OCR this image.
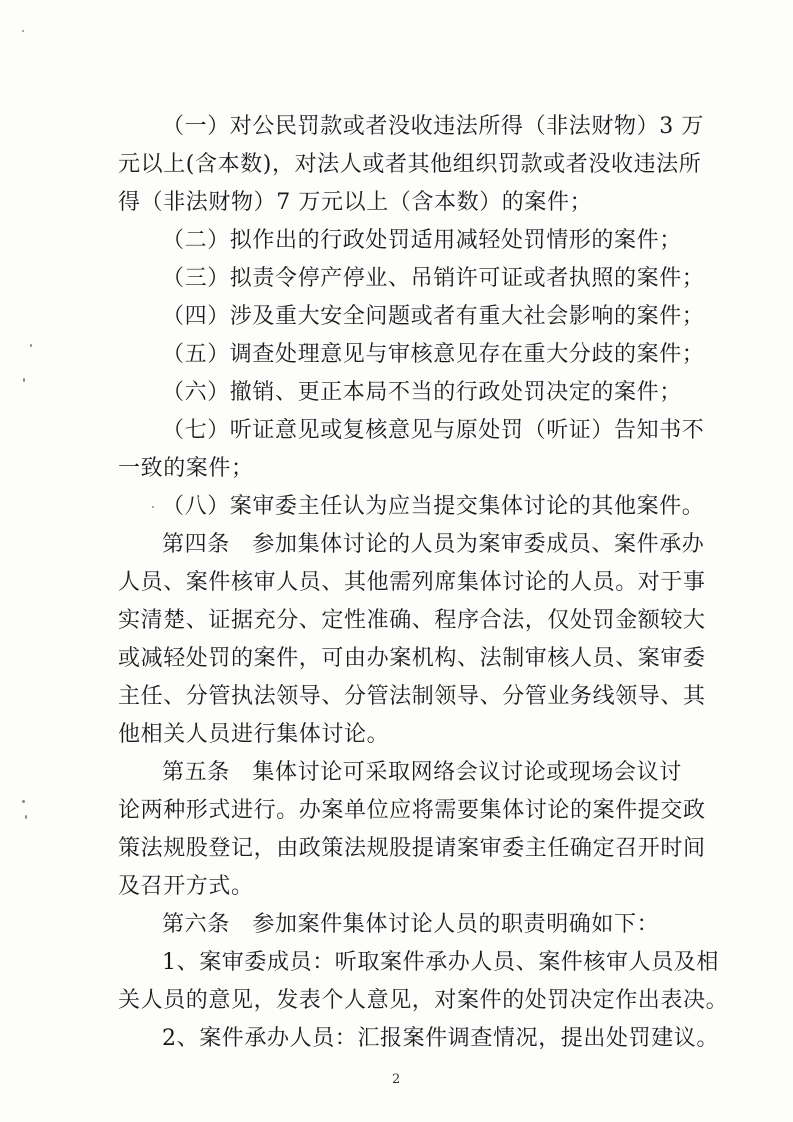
（一）对公民罚款或者没收违法所得（非法财物）3 万
元以上(含本数)，对法人或者其他组织罚款或者没收违法所
得（非法财物）7 万元以上（含本数）的案件；
（二）拟作出的行政处罚适用减轻处罚情形的案件；
（三）拟责令停产停业、吊销许可证或者执照的案件；
（四）涉及重大安全问题或者有重大社会影响的案件；
（五）调查处理意见与审核意见存在重大分歧的案件；
（六）撤销、更正本局不当的行政处罚决定的案件；
（七）听证意见或复核意见与原处罚（听证）告知书不
一致的案件；
（八）案审委主任认为应当提交集体讨论的其他案件。
第四条　参加集体讨论的人员为案审委成员、案件承办
人员、案件核审人员、其他需列席集体讨论的人员。对于事
实清楚、证据充分、定性准确、程序合法，仅处罚金额较大
或减轻处罚的案件，可由办案机构、法制审核人员、案审委
主任、分管执法领导、分管法制领导、分管业务线领导、其
他相关人员进行集体讨论。
第五条　集体讨论可采取网络会议讨论或现场会议讨
论两种形式进行。办案单位应将需要集体讨论的案件提交政
策法规股登记，由政策法规股提请案审委主任确定召开时间
及召开方式。
第六条　参加案件集体讨论人员的职责明确如下：
1、案审委成员：听取案件承办人员、案件核审人员及相
关人员的意见，发表个人意见，对案件的处罚决定作出表决。
2、案件承办人员：汇报案件调查情况，提出处罚建议。
2
